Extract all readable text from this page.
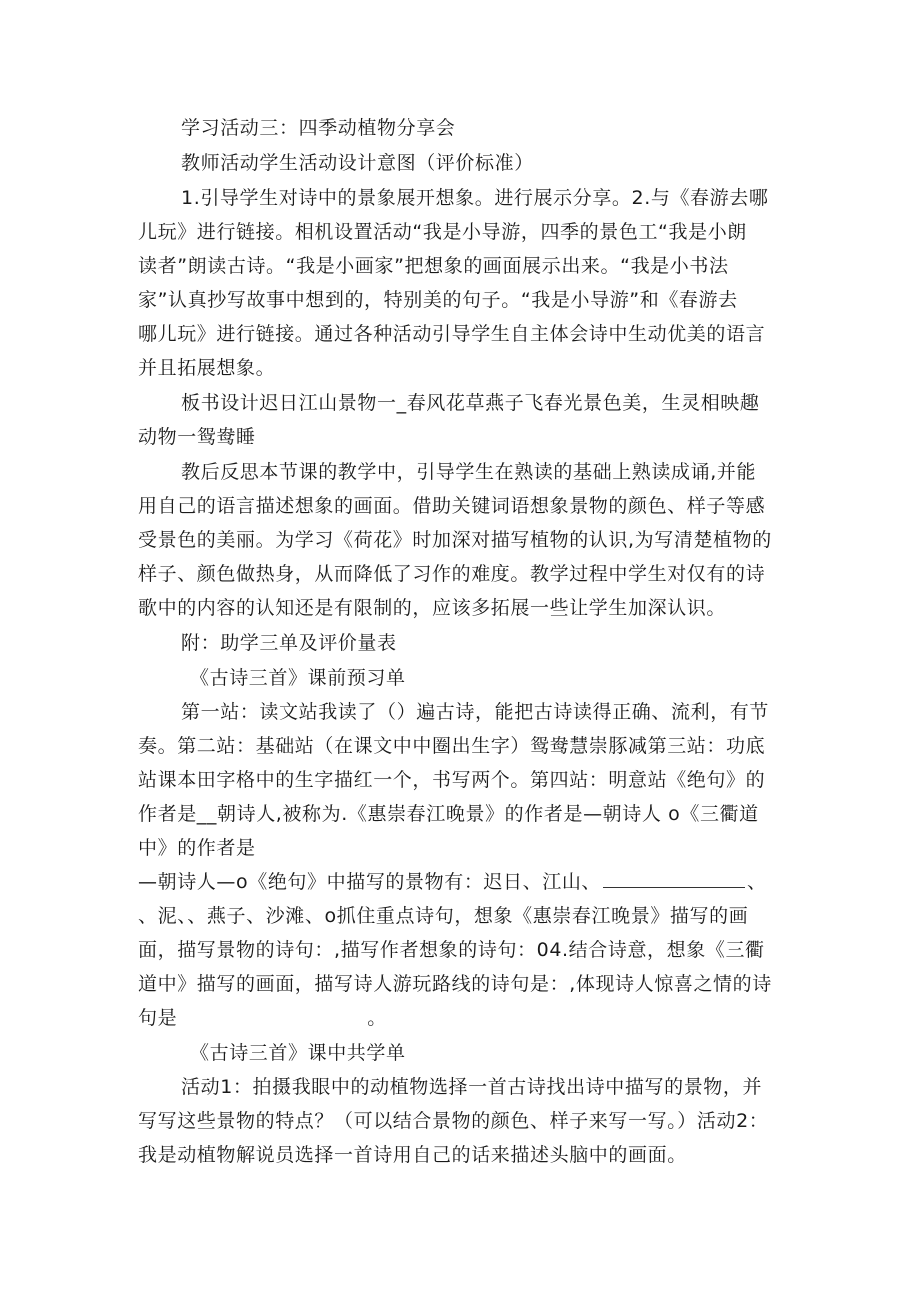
学习活动三：四季动植物分享会
教师活动学生活动设计意图（评价标准）
1.引导学生对诗中的景象展开想象。进行展示分享。2.与《春游去哪
儿玩》进行链接。相机设置活动“我是小导游，四季的景色工“我是小朗
读者”朗读古诗。“我是小画家”把想象的画面展示出来。“我是小书法
家”认真抄写故事中想到的，特别美的句子。“我是小导游”和《春游去
哪儿玩》进行链接。通过各种活动引导学生自主体会诗中生动优美的语言
并且拓展想象。
板书设计迟日江山景物一_春风花草燕子飞春光景色美，生灵相映趣
动物一鸳鸯睡
教后反思本节课的教学中，引导学生在熟读的基础上熟读成诵,并能
用自己的语言描述想象的画面。借助关键词语想象景物的颜色、样子等感
受景色的美丽。为学习《荷花》时加深对描写植物的认识,为写清楚植物的
样子、颜色做热身，从而降低了习作的难度。教学过程中学生对仅有的诗
歌中的内容的认知还是有限制的，应该多拓展一些让学生加深认识。
附：助学三单及评价量表
《古诗三首》课前预习单
第一站：读文站我读了（）遍古诗，能把古诗读得正确、流利，有节
奏。第二站：基础站（在课文中中圈出生字）鸳鸯慧崇豚减第三站：功底
站课本田字格中的生字描红一个，书写两个。第四站：明意站《绝句》的
作者是__朝诗人,被称为.《惠崇春江晚景》的作者是—朝诗人 o《三衢道
中》的作者是
—朝诗人—o《绝句》中描写的景物有：迟日、江山、	、
、泥、、燕子、沙滩、o抓住重点诗句，想象《惠崇春江晚景》描写的画
面，描写景物的诗句：,描写作者想象的诗句：04.结合诗意，想象《三衢
道中》描写的画面，描写诗人游玩路线的诗句是：,体现诗人惊喜之情的诗
句是	。
《古诗三首》课中共学单
活动1：拍摄我眼中的动植物选择一首古诗找出诗中描写的景物，并
写写这些景物的特点？（可以结合景物的颜色、样子来写一写。）活动2：
我是动植物解说员选择一首诗用自己的话来描述头脑中的画面。
